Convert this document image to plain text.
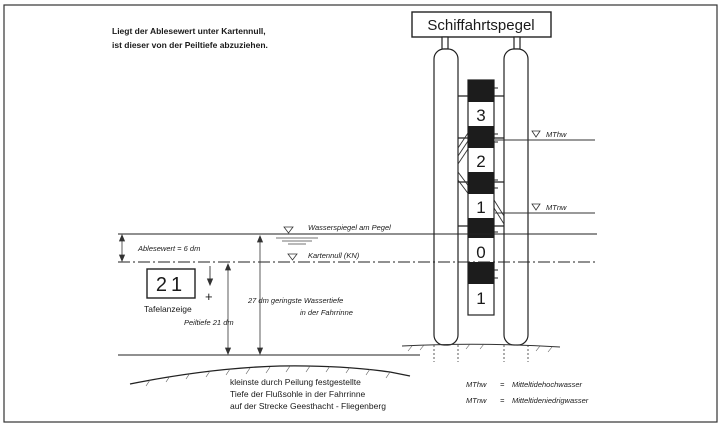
Liegt der Ablesewert unter Kartennull,
ist dieser von der Peiltiefe abzuziehen.
Schiffahrtspegel
3
2
1
0
1
MThw
MTnw
Wasserspiegel am Pegel
Kartennull (KN)
Ablesewert = 6 dm
21
Tafelanzeige
+
Peiltiefe 21 dm
27 dm geringste Wassertiefe
in der Fahrrinne
kleinste durch Peilung festgestellte
Tiefe der Flußsohle in der Fahrrinne
auf der Strecke Geesthacht - Fliegenberg
MThw = Mitteltidehochwasser
MTnw = Mitteltideniedrigwasser
